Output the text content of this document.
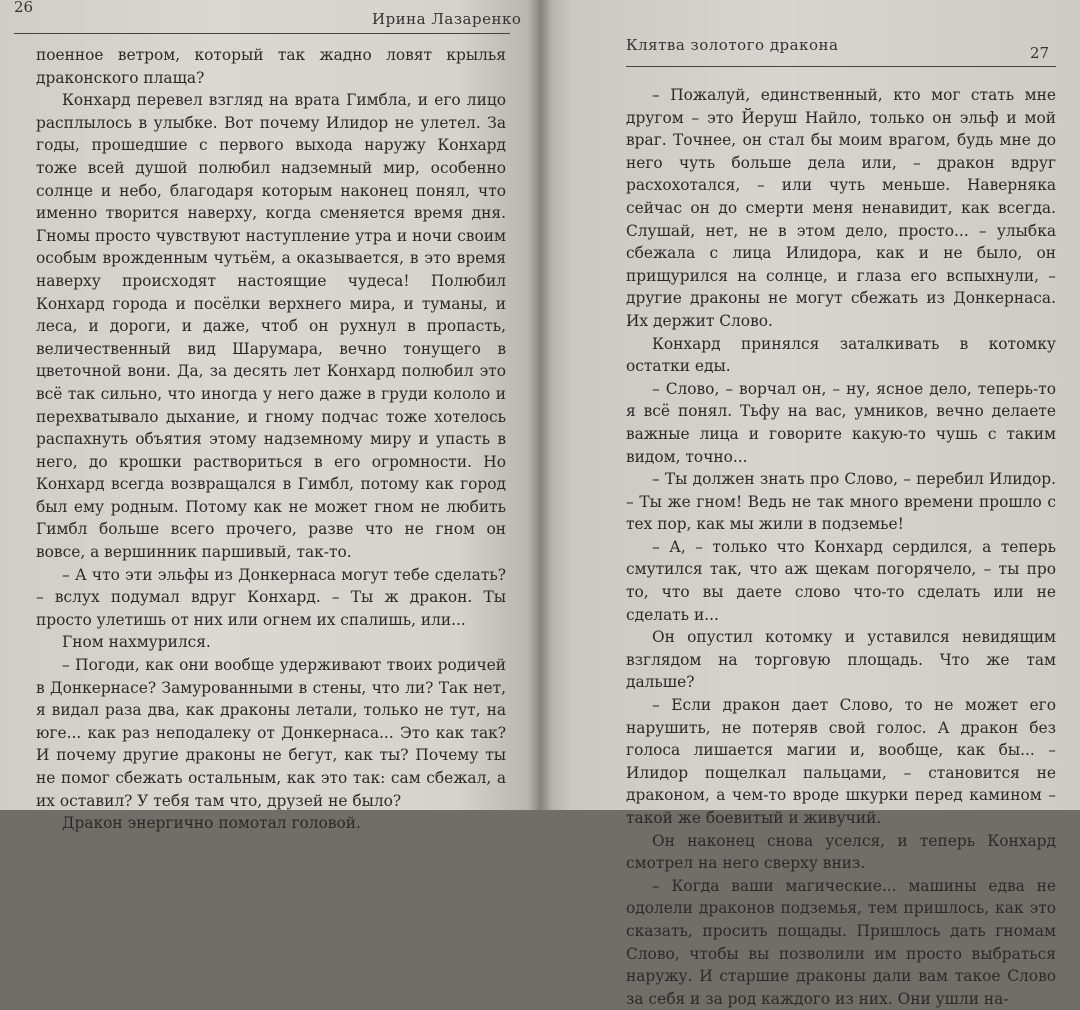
26
Ирина Лазаренко

поенное ветром, который так жадно ловят крылья драконского плаща?

Конхард перевел взгляд на врата Гимбла, и его лицо расплылось в улыбке. Вот почему Илидор не улетел. За годы, прошедшие с первого выхода наружу Конхард тоже всей душой полюбил надземный мир, особенно солнце и небо, благодаря которым наконец понял, что именно творится наверху, когда сменяется время дня. Гномы просто чувствуют наступление утра и ночи своим особым врожденным чутьём, а оказывается, в это время наверху происходят настоящие чудеса! Полюбил Конхард города и посёлки верхнего мира, и туманы, и леса, и дороги, и даже, чтоб он рухнул в пропасть, величественный вид Шарумара, вечно тонущего в цветочной вони. Да, за десять лет Конхард полюбил это всё так сильно, что иногда у него даже в груди кололо и перехватывало дыхание, и гному подчас тоже хотелось распахнуть объятия этому надземному миру и упасть в него, до крошки раствориться в его огромности. Но Конхард всегда возвращался в Гимбл, потому как город был ему родным. Потому как не может гном не любить Гимбл больше всего прочего, разве что не гном он вовсе, а вершинник паршивый, так-то.

– А что эти эльфы из Донкернаса могут тебе сделать? – вслух подумал вдруг Конхард. – Ты ж дракон. Ты просто улетишь от них или огнем их спалишь, или...

Гном нахмурился.

– Погоди, как они вообще удерживают твоих родичей в Донкернасе? Замурованными в стены, что ли? Так нет, я видал раза два, как драконы летали, только не тут, на юге... как раз неподалеку от Донкернаса... Это как так? И почему другие драконы не бегут, как ты? Почему ты не помог сбежать остальным, как это так: сам сбежал, а их оставил? У тебя там что, друзей не было?

Дракон энергично помотал головой.

Клятва золотого дракона	27

– Пожалуй, единственный, кто мог стать мне другом – это Йеруш Найло, только он эльф и мой враг. Точнее, он стал бы моим врагом, будь мне до него чуть больше дела или, – дракон вдруг расхохотался, – или чуть меньше. Наверняка сейчас он до смерти меня ненавидит, как всегда. Слушай, нет, не в этом дело, просто... – улыбка сбежала с лица Илидора, как и не было, он прищурился на солнце, и глаза его вспыхнули, – другие драконы не могут сбежать из Донкернаса. Их держит Слово.

Конхард принялся заталкивать в котомку остатки еды.

– Слово, – ворчал он, – ну, ясное дело, теперь-то я всё понял. Тьфу на вас, умников, вечно делаете важные лица и говорите какую-то чушь с таким видом, точно...

– Ты должен знать про Слово, – перебил Илидор. – Ты же гном! Ведь не так много времени прошло с тех пор, как мы жили в подземье!

– А, – только что Конхард сердился, а теперь смутился так, что аж щекам погорячело, – ты про то, что вы даете слово что-то сделать или не сделать и...

Он опустил котомку и уставился невидящим взглядом на торговую площадь. Что же там дальше?

– Если дракон дает Слово, то не может его нарушить, не потеряв свой голос. А дракон без голоса лишается магии и, вообще, как бы... – Илидор пощелкал пальцами, – становится не драконом, а чем-то вроде шкурки перед камином – такой же боевитый и живучий.

Он наконец снова уселся, и теперь Конхард смотрел на него сверху вниз.

– Когда ваши магические... машины едва не одолели драконов подземья, тем пришлось, как это сказать, просить пощады. Пришлось дать гномам Слово, чтобы вы позволили им просто выбраться наружу. И старшие драконы дали вам такое Слово за себя и за род каждого из них. Они ушли на-
